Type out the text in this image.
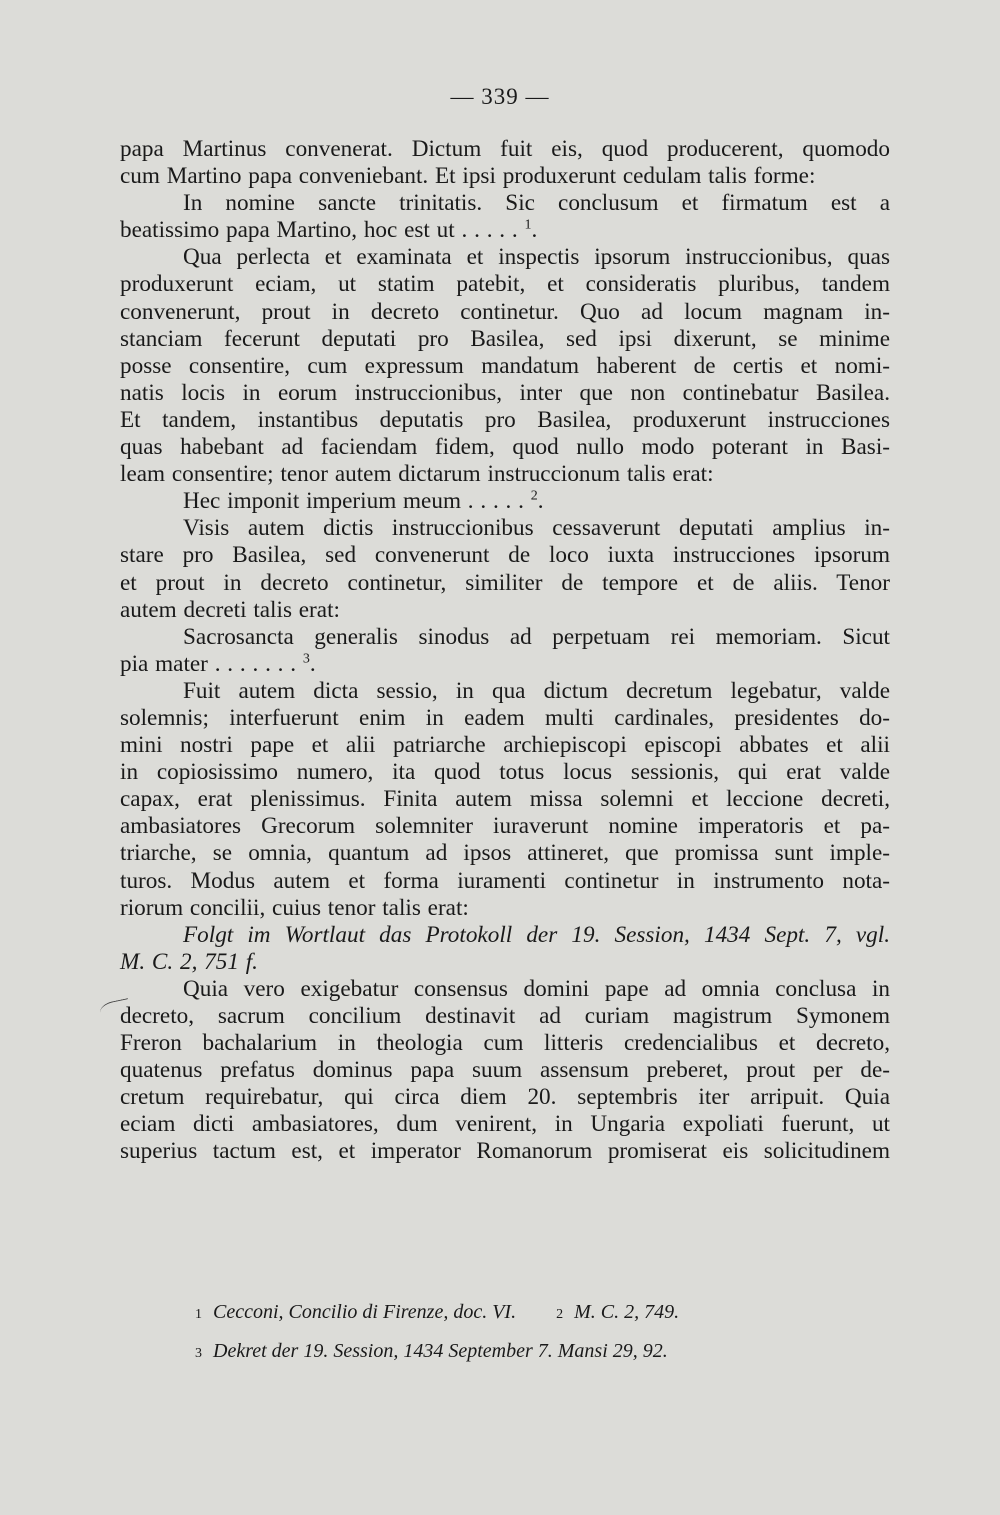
— 339 —
papa Martinus convenerat. Dictum fuit eis, quod producerent, quomodo
cum Martino papa conveniebant. Et ipsi produxerunt cedulam talis forme:
In nomine sancte trinitatis. Sic conclusum et firmatum est a
beatissimo papa Martino, hoc est ut . . . . . $^1$.
Qua perlecta et examinata et inspectis ipsorum instruccionibus, quas
produxerunt eciam, ut statim patebit, et consideratis pluribus, tandem
convenerunt, prout in decreto continetur. Quo ad locum magnam in-
stanciam fecerunt deputati pro Basilea, sed ipsi dixerunt, se minime
posse consentire, cum expressum mandatum haberent de certis et nomi-
natis locis in eorum instruccionibus, inter que non continebatur Basilea.
Et tandem, instantibus deputatis pro Basilea, produxerunt instrucciones
quas habebant ad faciendam fidem, quod nullo modo poterant in Basi-
leam consentire; tenor autem dictarum instruccionum talis erat:
Hec imponit imperium meum . . . . . $^2$.
Visis autem dictis instruccionibus cessaverunt deputati amplius in-
stare pro Basilea, sed convenerunt de loco iuxta instrucciones ipsorum
et prout in decreto continetur, similiter de tempore et de aliis. Tenor
autem decreti talis erat:
Sacrosancta generalis sinodus ad perpetuam rei memoriam. Sicut
pia mater . . . . . . . $^3$.
Fuit autem dicta sessio, in qua dictum decretum legebatur, valde
solemnis; interfuerunt enim in eadem multi cardinales, presidentes do-
mini nostri pape et alii patriarche archiepiscopi episcopi abbates et alii
in copiosissimo numero, ita quod totus locus sessionis, qui erat valde
capax, erat plenissimus. Finita autem missa solemni et leccione decreti,
ambasiatores Grecorum solemniter iuraverunt nomine imperatoris et pa-
triarche, se omnia, quantum ad ipsos attineret, que promissa sunt imple-
turos. Modus autem et forma iuramenti continetur in instrumento nota-
riorum concilii, cuius tenor talis erat:
Folgt im Wortlaut das Protokoll der 19. Session, 1434 Sept. 7, vgl.
M. C. 2, 751 f.
Quia vero exigebatur consensus domini pape ad omnia conclusa in
decreto, sacrum concilium destinavit ad curiam magistrum Symonem
Freron bachalarium in theologia cum litteris credencialibus et decreto,
quatenus prefatus dominus papa suum assensum preberet, prout per de-
cretum requirebatur, qui circa diem 20. septembris iter arripuit. Quia
eciam dicti ambasiatores, dum venirent, in Ungaria expoliati fuerunt, ut
superius tactum est, et imperator Romanorum promiserat eis solicitudinem
1 Cecconi, Concilio di Firenze, doc. VI.	2 M. C. 2, 749.
3 Dekret der 19. Session, 1434 September 7. Mansi 29, 92.
